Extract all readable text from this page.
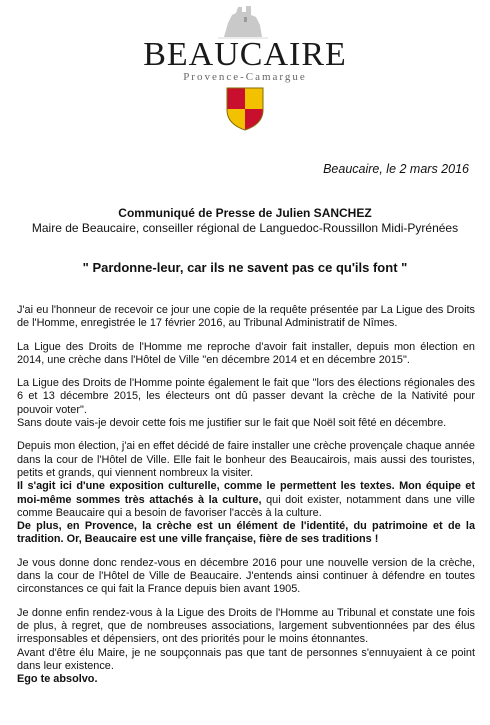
BEAUCAIRE
Provence-Camargue
Beaucaire, le 2 mars 2016
Communiqué de Presse de Julien SANCHEZ
Maire de Beaucaire, conseiller régional de Languedoc-Roussillon Midi-Pyrénées
" Pardonne-leur, car ils ne savent pas ce qu'ils font "

J'ai eu l'honneur de recevoir ce jour une copie de la requête présentée par La Ligue des Droits de l'Homme, enregistrée le 17 février 2016, au Tribunal Administratif de Nîmes.

La Ligue des Droits de l'Homme me reproche d'avoir fait installer, depuis mon élection en 2014, une crèche dans l'Hôtel de Ville "en décembre 2014 et en décembre 2015".

La Ligue des Droits de l'Homme pointe également le fait que "lors des élections régionales des 6 et 13 décembre 2015, les électeurs ont dû passer devant la crèche de la Nativité pour pouvoir voter".

Sans doute vais-je devoir cette fois me justifier sur le fait que Noël soit fêté en décembre.

Depuis mon élection, j'ai en effet décidé de faire installer une crèche provençale chaque année dans la cour de l'Hôtel de Ville. Elle fait le bonheur des Beaucairois, mais aussi des touristes, petits et grands, qui viennent nombreux la visiter.

Il s'agit ici d'une exposition culturelle, comme le permettent les textes. Mon équipe et moi-même sommes très attachés à la culture, qui doit exister, notamment dans une ville comme Beaucaire qui a besoin de favoriser l'accès à la culture.

De plus, en Provence, la crèche est un élément de l'identité, du patrimoine et de la tradition. Or, Beaucaire est une ville française, fière de ses traditions !

Je vous donne donc rendez-vous en décembre 2016 pour une nouvelle version de la crèche, dans la cour de l'Hôtel de Ville de Beaucaire. J'entends ainsi continuer à défendre en toutes circonstances ce qui fait la France depuis bien avant 1905.

Je donne enfin rendez-vous à la Ligue des Droits de l'Homme au Tribunal et constate une fois de plus, à regret, que de nombreuses associations, largement subventionnées par des élus irresponsables et dépensiers, ont des priorités pour le moins étonnantes.

Avant d'être élu Maire, je ne soupçonnais pas que tant de personnes s'ennuyaient à ce point dans leur existence.

Ego te absolvo.
